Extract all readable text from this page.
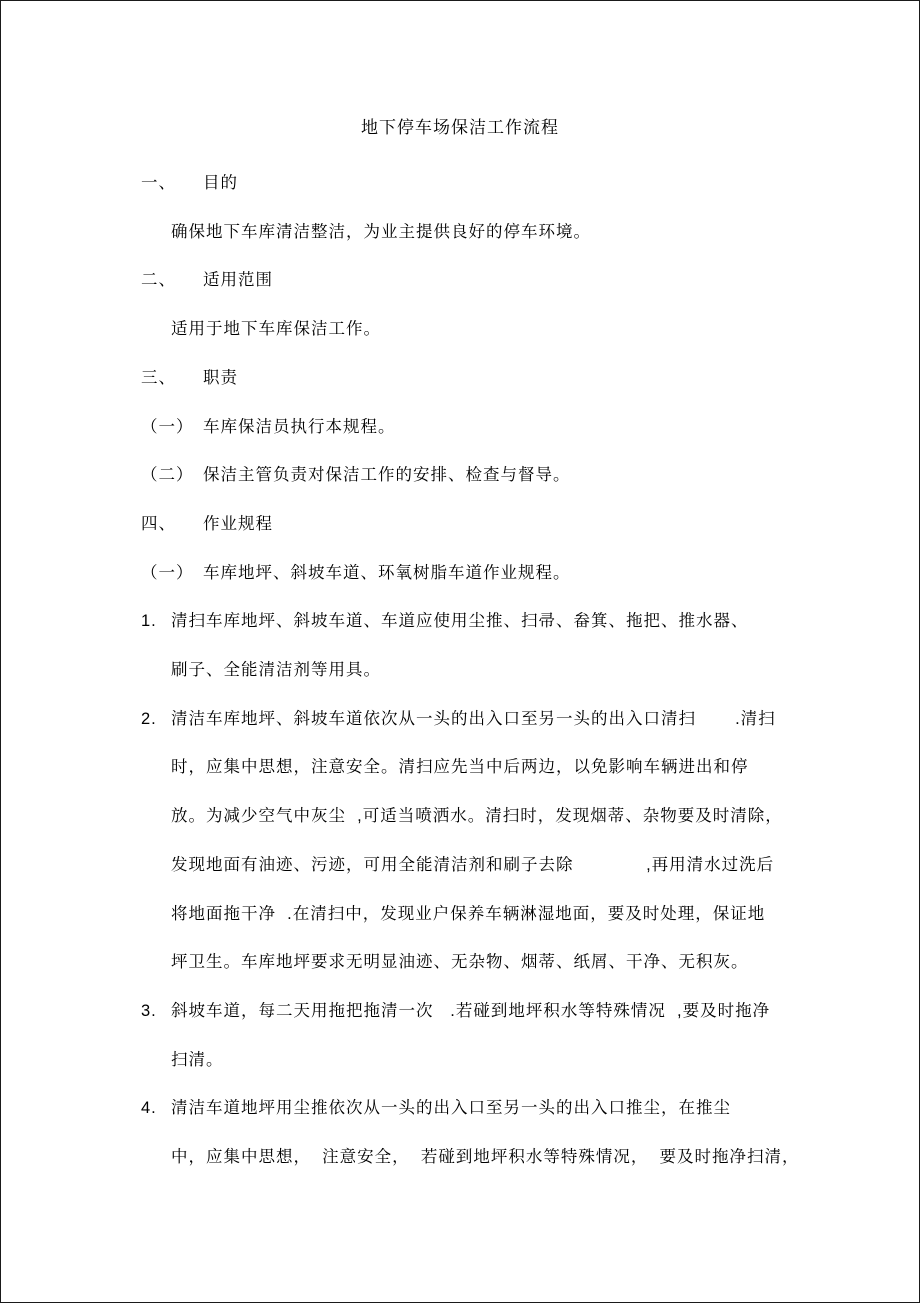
地下停车场保洁工作流程
一、	目的
确保地下车库清洁整洁，为业主提供良好的停车环境。
二、	适用范围
适用于地下车库保洁工作。
三、	职责
（一） 车库保洁员执行本规程。
（二） 保洁主管负责对保洁工作的安排、检查与督导。
四、	作业规程
（一） 车库地坪、斜坡车道、环氧树脂车道作业规程。
1. 清扫车库地坪、斜坡车道、车道应使用尘推、扫帚、畚箕、拖把、推水器、
刷子、全能清洁剂等用具。
2. 清洁车库地坪、斜坡车道依次从一头的出入口至另一头的出入口清扫       .清扫
时，应集中思想，注意安全。清扫应先当中后两边，以免影响车辆进出和停
放。为减少空气中灰尘  ,可适当喷洒水。清扫时，发现烟蒂、杂物要及时清除，
发现地面有油迹、污迹，可用全能清洁剂和刷子去除             ,再用清水过洗后
将地面拖干净  .在清扫中，发现业户保养车辆淋湿地面，要及时处理，保证地
坪卫生。车库地坪要求无明显油迹、无杂物、烟蒂、纸屑、干净、无积灰。
3. 斜坡车道，每二天用拖把拖清一次   .若碰到地坪积水等特殊情况  ,要及时拖净
扫清。
4. 清洁车道地坪用尘推依次从一头的出入口至另一头的出入口推尘，在推尘
中，应集中思想，  注意安全，  若碰到地坪积水等特殊情况，  要及时拖净扫清，
